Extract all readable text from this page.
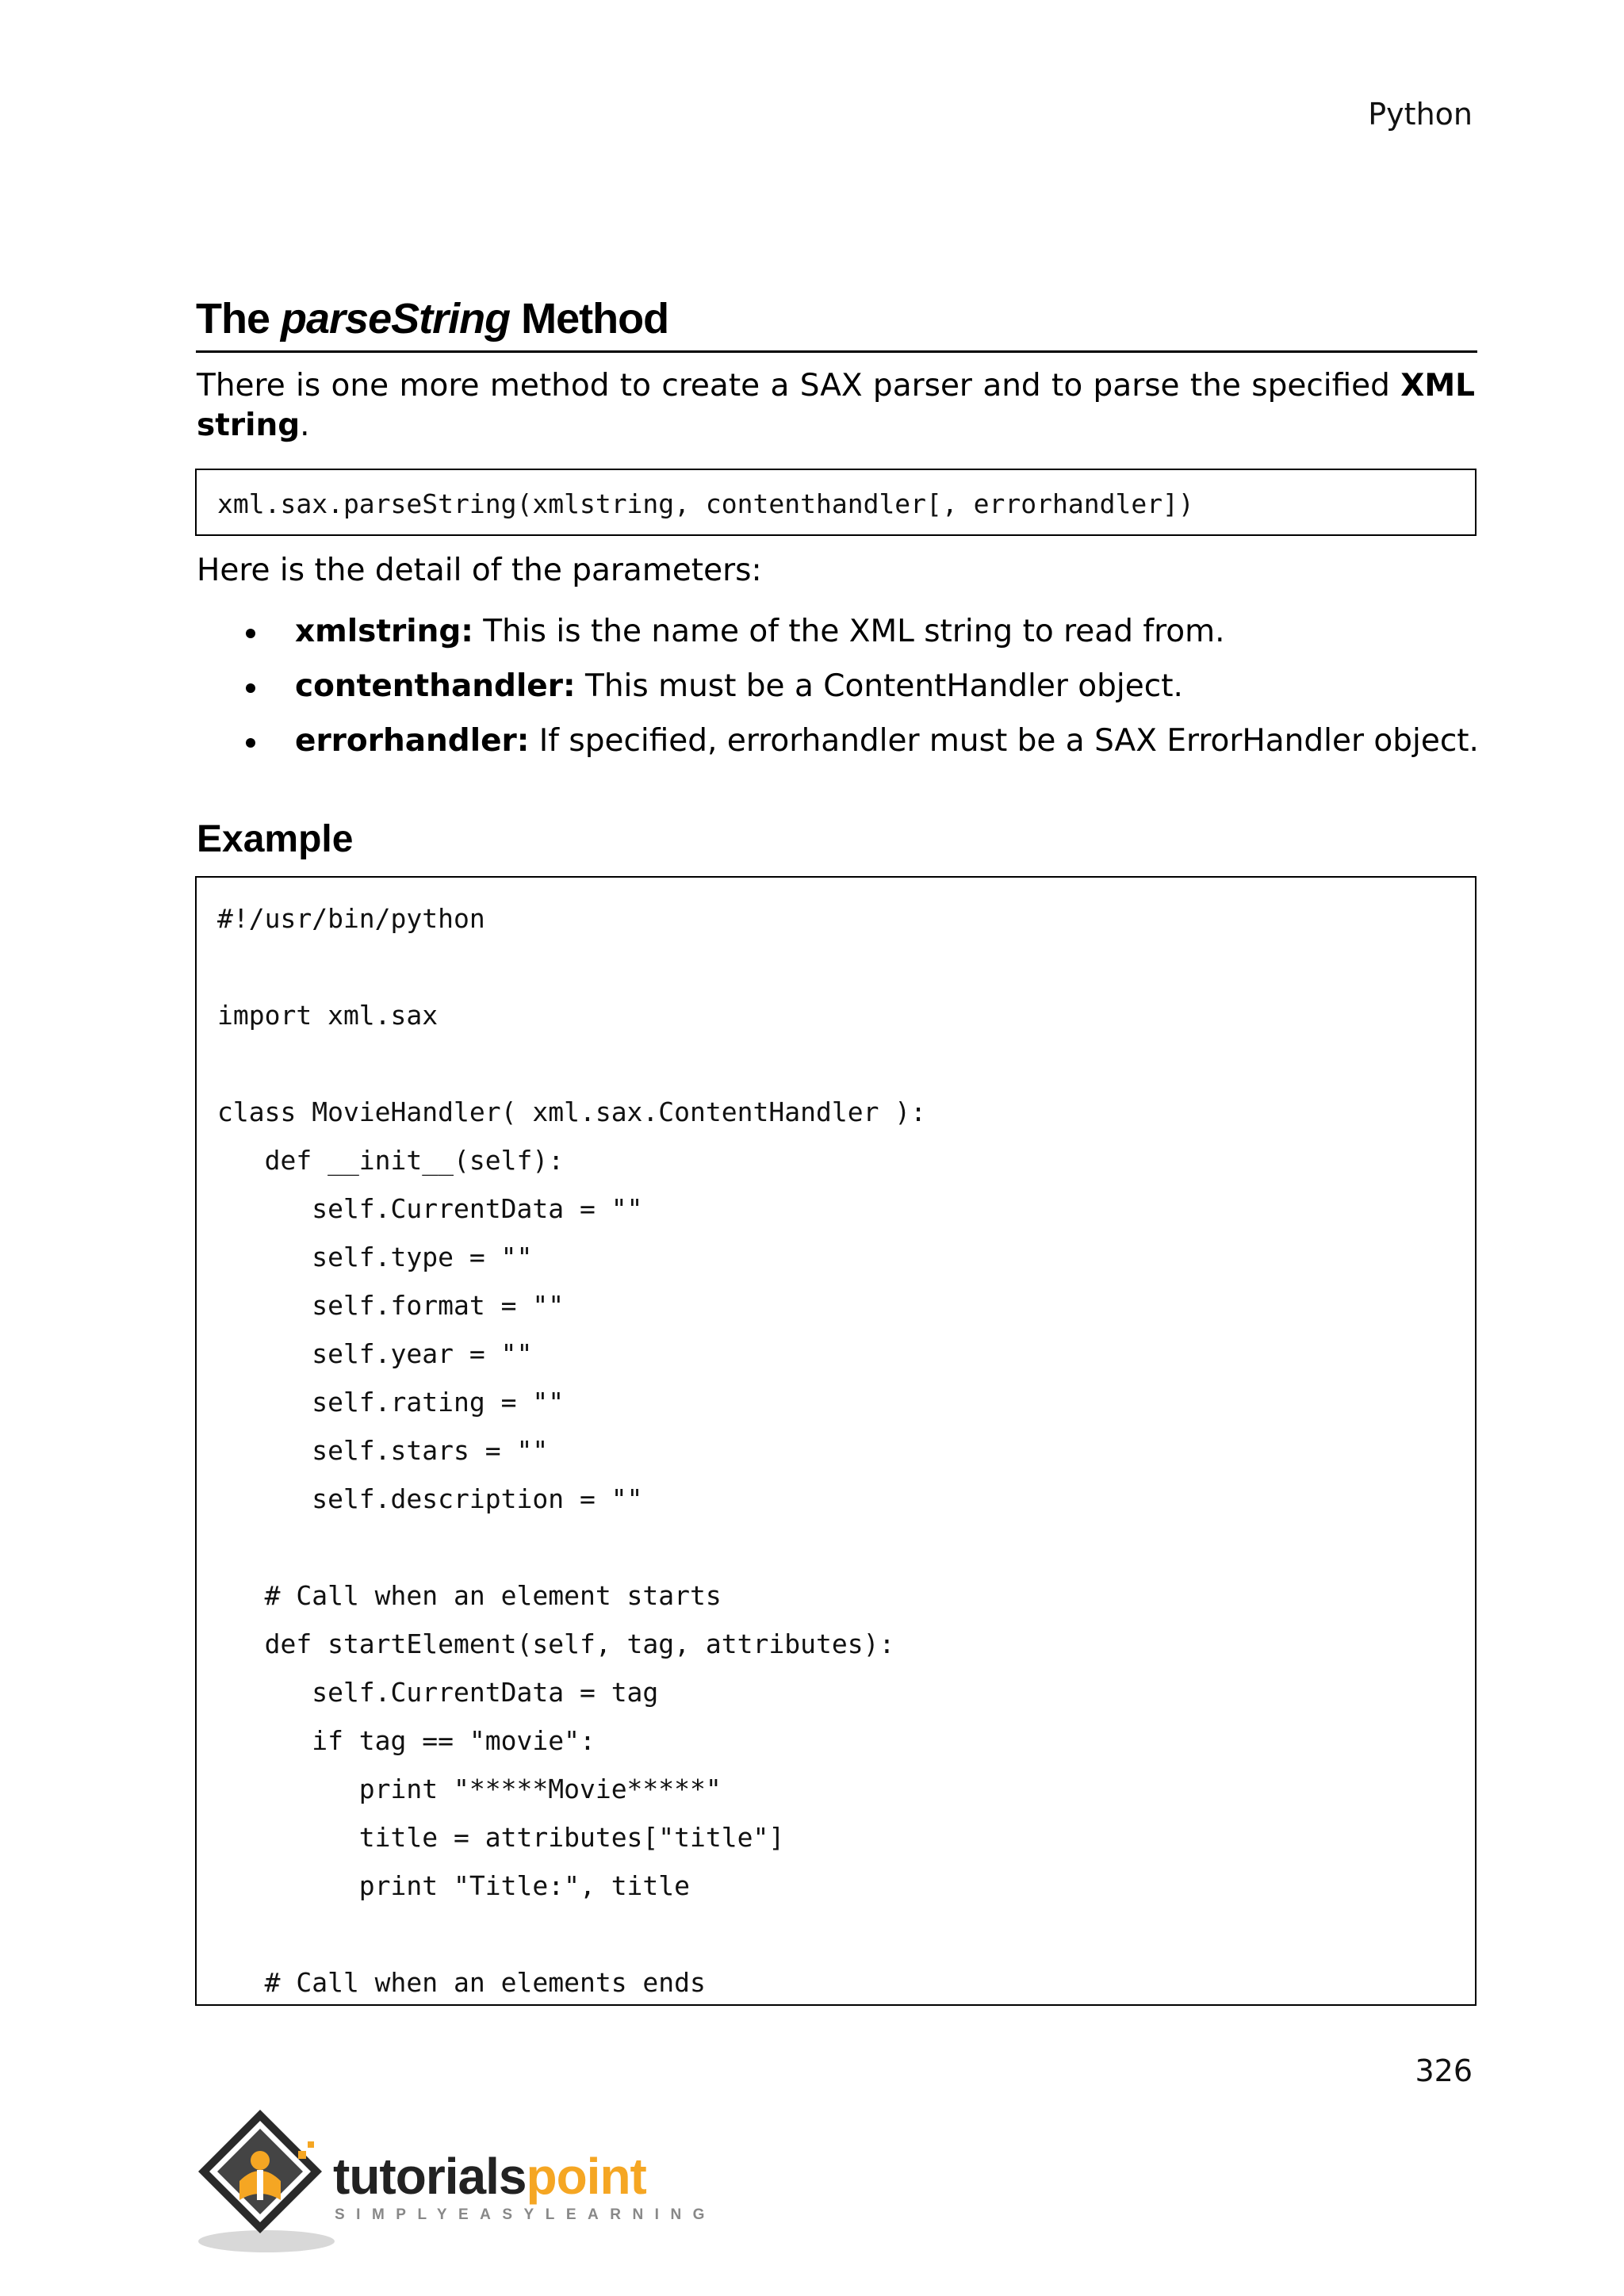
Python
The parseString Method

There is one more method to create a SAX parser and to parse the specified XML string.

xml.sax.parseString(xmlstring, contenthandler[, errorhandler])

Here is the detail of the parameters:

xmlstring: This is the name of the XML string to read from.
contenthandler: This must be a ContentHandler object.
errorhandler: If specified, errorhandler must be a SAX ErrorHandler object.
Example
#!/usr/bin/python
import xml.sax
class MovieHandler( xml.sax.ContentHandler ):
def __init__(self):
self.CurrentData = ""
self.type = ""
self.format = ""
self.year = ""
self.rating = ""
self.stars = ""
self.description = ""
# Call when an element starts
def startElement(self, tag, attributes):
self.CurrentData = tag
if tag == "movie":
print "*****Movie*****"
title = attributes["title"]
print "Title:", title
# Call when an elements ends
326
tutorialspoint
SIMPLYEASYLEARNING
